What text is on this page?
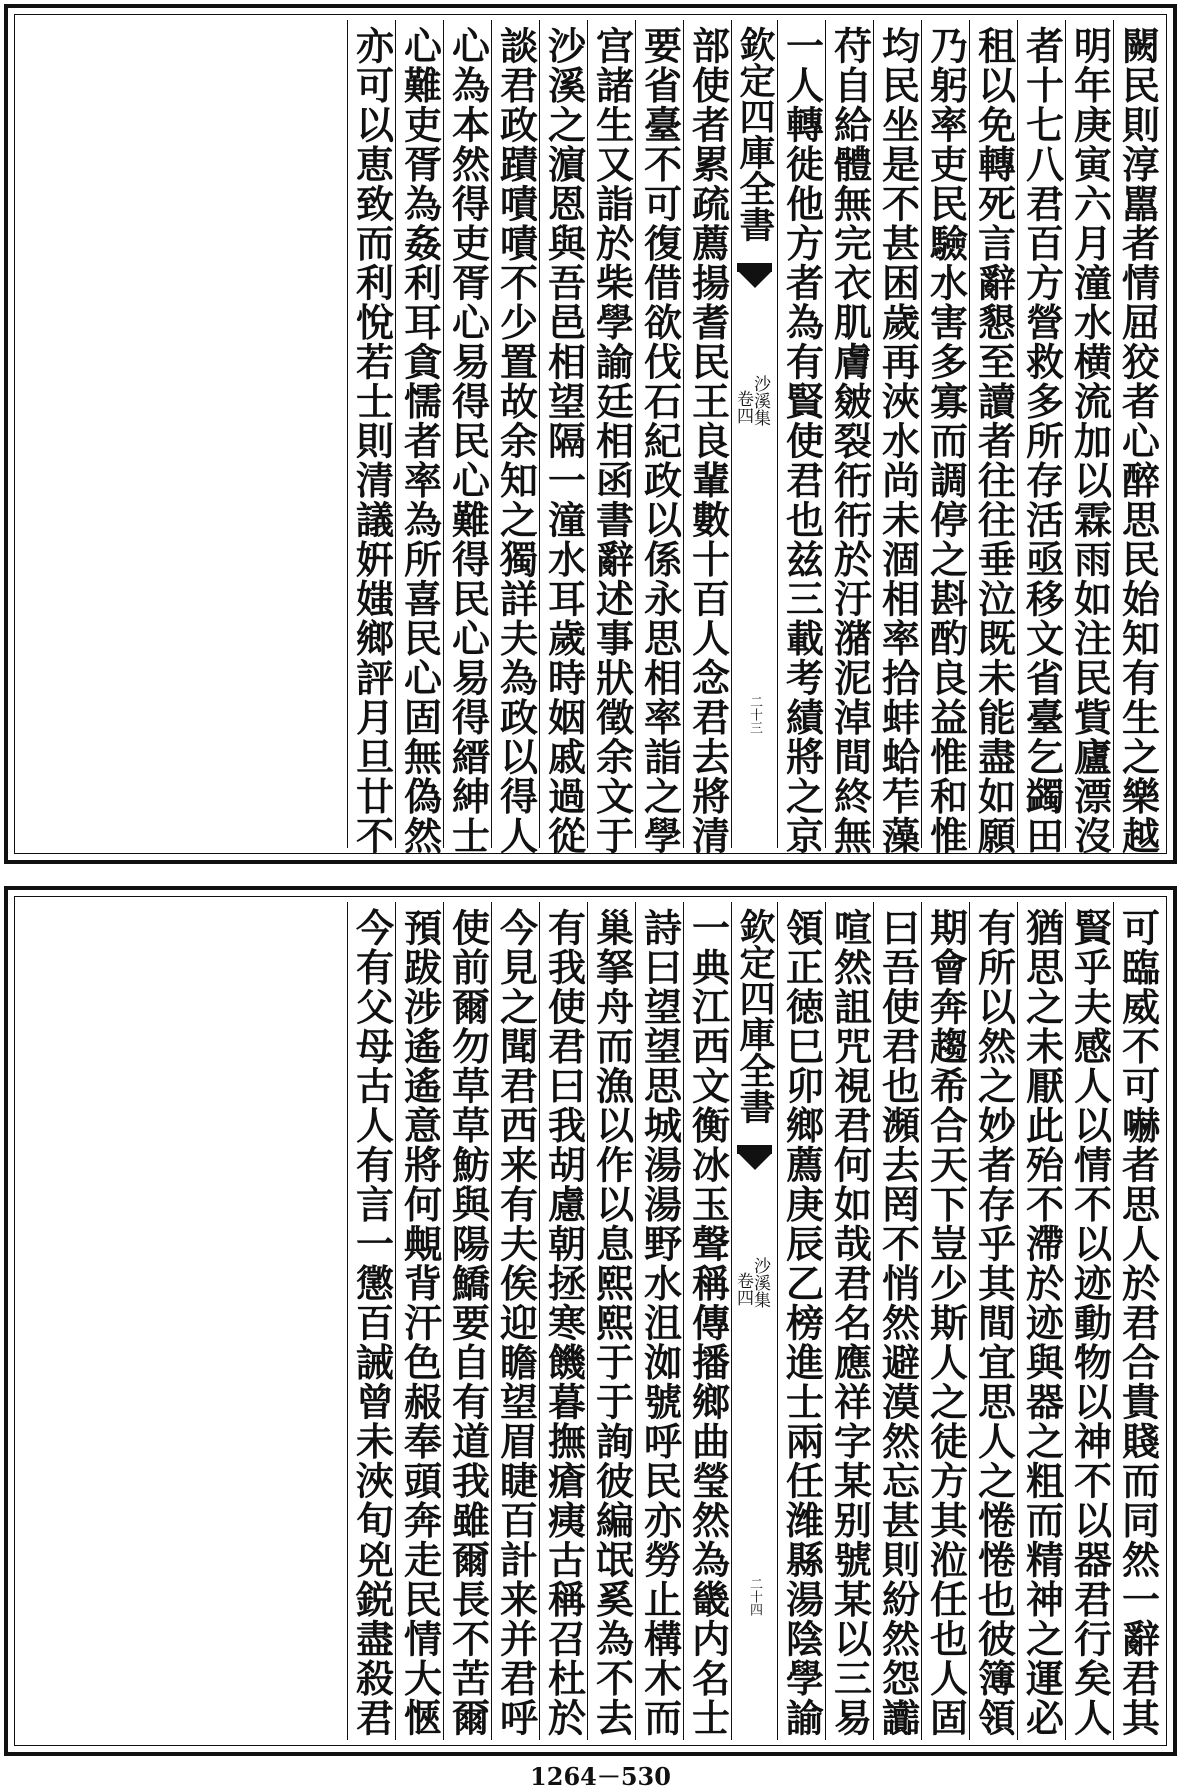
闕民則淳嚚者情屈狡者心醉思民始知有生之樂越
明年庚寅六月潼水横流加以霖雨如注民貲廬漂沒
者十七八君百方營救多所存活亟移文省臺乞蠲田
租以免轉死言辭懇至讀者往往垂泣既未能盡如願
乃躬率吏民驗水害多寡而調停之斟酌良益惟和惟
均民坐是不甚困歲再浹水尚未涸相率拾蚌蛤苲藻
苻自給體無完衣肌膚皴裂衎衎於汙潴泥淖間終無
一人轉徙他方者為有賢使君也兹三載考績將之京
欽定四庫全書
沙溪集
卷四
二十三
部使者累疏薦揚耆民王良輩數十百人念君去將清
要省臺不可復借欲伐石紀政以係永思相率詣之學
宫諸生又詣於柴學諭廷相函書辭述事狀徵余文于
沙溪之濵恩與吾邑相望隔一潼水耳歲時姻戚過從
談君政蹟嘖嘖不少置故余知之獨詳夫為政以得人
心為本然得吏胥心易得民心難得民心易得縉紳士
心難吏胥為姦利耳貪懦者率為所喜民心固無偽然
亦可以恵致而利悅若士則清議姸媸鄉評月旦廿不
可臨威不可嚇者思人於君合貴賤而同然一辭君其
賢乎夫感人以情不以迹動物以神不以器君行矣人
猶思之未厭此殆不滯於迹與器之粗而精神之運必
有所以然之妙者存乎其間宜思人之惓惓也彼簿領
期會奔趨希合天下豈少斯人之徒方其涖任也人固
曰吾使君也瀕去罔不悄然避漠然忘甚則紛然怨讟
喧然詛咒視君何如哉君名應祥字某别號某以三易
領正徳巳卯鄉薦庚辰乙榜進士兩任潍縣湯陰學諭
欽定四庫全書
沙溪集
卷四
二十四
一典江西文衡冰玉聲稱傳播鄉曲瑩然為畿内名士
詩曰望望思城湯湯野水沮洳號呼民亦勞止構木而
巢拏舟而漁以作以息熙熙于于詢彼編氓奚為不去
有我使君曰我胡慮朝拯寒饑暮撫瘡痍古稱召杜於
今見之聞君西来有夫俟迎瞻望眉睫百計来并君呼
使前爾勿草草魴與陽鱎要自有道我雖爾長不苦爾
預跋涉遙遙意將何覥背汗色赧奉頭奔走民情大愜
今有父母古人有言一懲百誡曾未浹旬兇鋭盡殺君
1264－530
